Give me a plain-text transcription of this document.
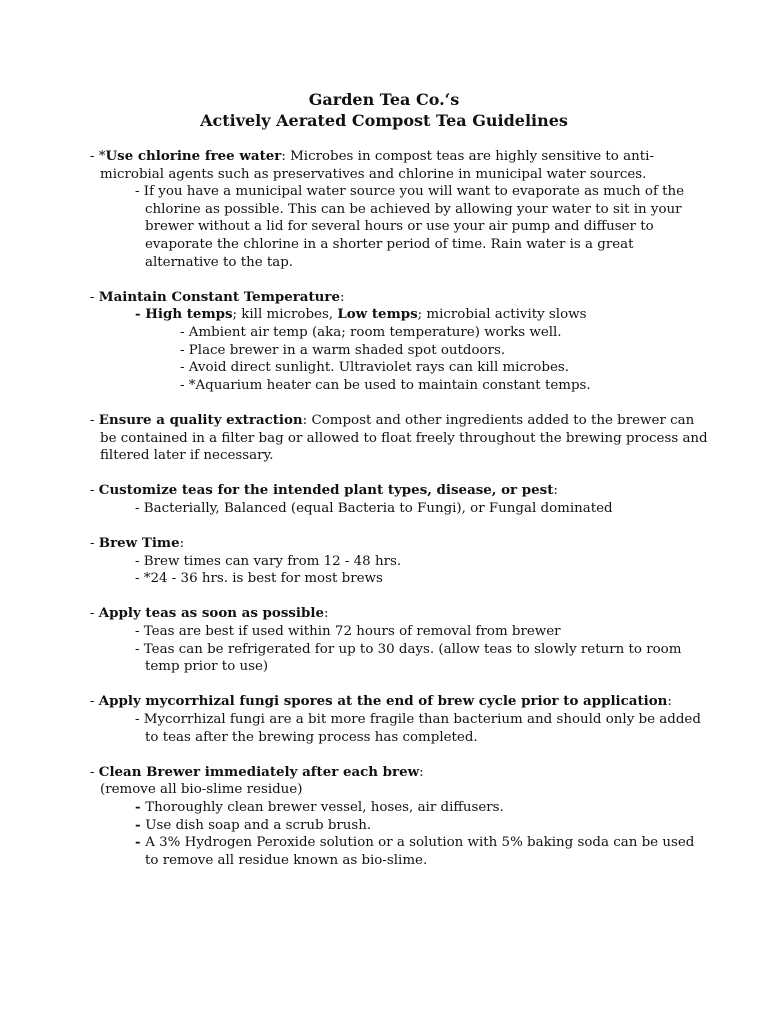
Garden Tea Co.‘s
Actively Aerated Compost Tea Guidelines
- *Use chlorine free water: Microbes in compost teas are highly sensitive to anti-microbial agents such as preservatives and chlorine in municipal water sources.
- If you have a municipal water source you will want to evaporate as much of the chlorine as possible. This can be achieved by allowing your water to sit in your brewer without a lid for several hours or use your air pump and diffuser to evaporate the chlorine in a shorter period of time. Rain water is a great alternative to the tap.
- Maintain Constant Temperature:
- High temps; kill microbes, Low temps; microbial activity slows
- Ambient air temp (aka; room temperature) works well.
- Place brewer in a warm shaded spot outdoors.
- Avoid direct sunlight. Ultraviolet rays can kill microbes.
- *Aquarium heater can be used to maintain constant temps.
- Ensure a quality extraction: Compost and other ingredients added to the brewer can be contained in a filter bag or allowed to float freely throughout the brewing process and filtered later if necessary.
- Customize teas for the intended plant types, disease, or pest:
- Bacterially, Balanced (equal Bacteria to Fungi), or Fungal dominated
- Brew Time:
- Brew times can vary from 12 - 48 hrs.
- *24 - 36 hrs. is best for most brews
- Apply teas as soon as possible:
- Teas are best if used within 72 hours of removal from brewer
- Teas can be refrigerated for up to 30 days. (allow teas to slowly return to room temp prior to use)
- Apply mycorrhizal fungi spores at the end of brew cycle prior to application:
- Mycorrhizal fungi are a bit more fragile than bacterium and should only be added to teas after the brewing process has completed.
- Clean Brewer immediately after each brew:
(remove all bio-slime residue)
- Thoroughly clean brewer vessel, hoses, air diffusers.
- Use dish soap and a scrub brush.
- A 3% Hydrogen Peroxide solution or a solution with 5% baking soda can be used to remove all residue known as bio-slime.
